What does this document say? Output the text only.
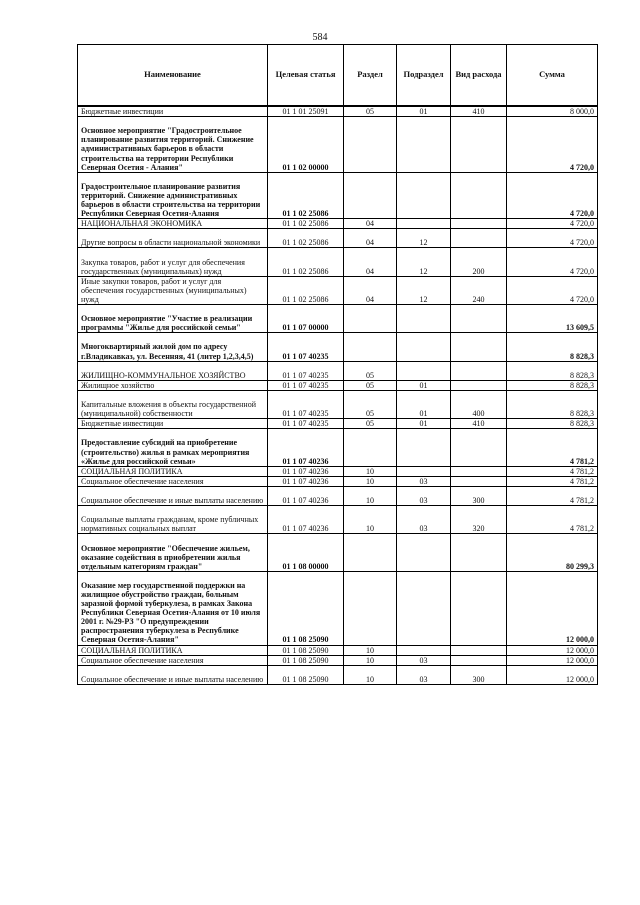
584
Наименование	Целевая статья	Раздел	Подраздел	Вид расхода	Сумма
Бюджетные инвестиции	01 1 01 25091	05	01	410	8 000,0
Основное мероприятие "Градостроительное планирование развития территорий. Снижение административных барьеров в области строительства на территории Республики Северная Осетия - Алания"	01 1 02 00000				4 720,0
Градостроительное планирование развития территорий. Снижение административных барьеров в области строительства на территории Республики Северная Осетия-Алания	01 1 02 25086				4 720,0
НАЦИОНАЛЬНАЯ ЭКОНОМИКА	01 1 02 25086	04			4 720,0
Другие вопросы в области национальной экономики	01 1 02 25086	04	12		4 720,0
Закупка товаров, работ и услуг для обеспечения государственных (муниципальных) нужд	01 1 02 25086	04	12	200	4 720,0
Иные закупки товаров, работ и услуг для обеспечения государственных (муниципальных) нужд	01 1 02 25086	04	12	240	4 720,0
Основное мероприятие "Участие в реализации программы "Жилье для российской семьи"	01 1 07 00000				13 609,5
Многоквартирный жилой дом по адресу г.Владикавказ, ул. Весенняя, 41 (литер 1,2,3,4,5)	01 1 07 40235				8 828,3
ЖИЛИЩНО-КОММУНАЛЬНОЕ ХОЗЯЙСТВО	01 1 07 40235	05			8 828,3
Жилищное хозяйство	01 1 07 40235	05	01		8 828,3
Капитальные вложения в объекты государственной (муниципальной) собственности	01 1 07 40235	05	01	400	8 828,3
Бюджетные инвестиции	01 1 07 40235	05	01	410	8 828,3
Предоставление субсидий на приобретение (строительство) жилья в рамках мероприятия «Жилье для российской семьи»	01 1 07 40236				4 781,2
СОЦИАЛЬНАЯ ПОЛИТИКА	01 1 07 40236	10			4 781,2
Социальное обеспечение населения	01 1 07 40236	10	03		4 781,2
Социальное обеспечение и иные выплаты населению	01 1 07 40236	10	03	300	4 781,2
Социальные выплаты гражданам, кроме публичных нормативных социальных выплат	01 1 07 40236	10	03	320	4 781,2
Основное мероприятие "Обеспечение жильем, оказание содействия в приобретении жилья отдельным категориям граждан"	01 1 08 00000				80 299,3
Оказание мер государственной поддержки на жилищное обустройство граждан, больным заразной формой туберкулеза, в рамках Закона Республики Северная Осетия-Алания от 10 июля 2001 г. №29-РЗ "О предупреждении распространения туберкулеза в Республике Северная Осетия-Алания"	01 1 08 25090				12 000,0
СОЦИАЛЬНАЯ ПОЛИТИКА	01 1 08 25090	10			12 000,0
Социальное обеспечение населения	01 1 08 25090	10	03		12 000,0
Социальное обеспечение и иные выплаты населению	01 1 08 25090	10	03	300	12 000,0
